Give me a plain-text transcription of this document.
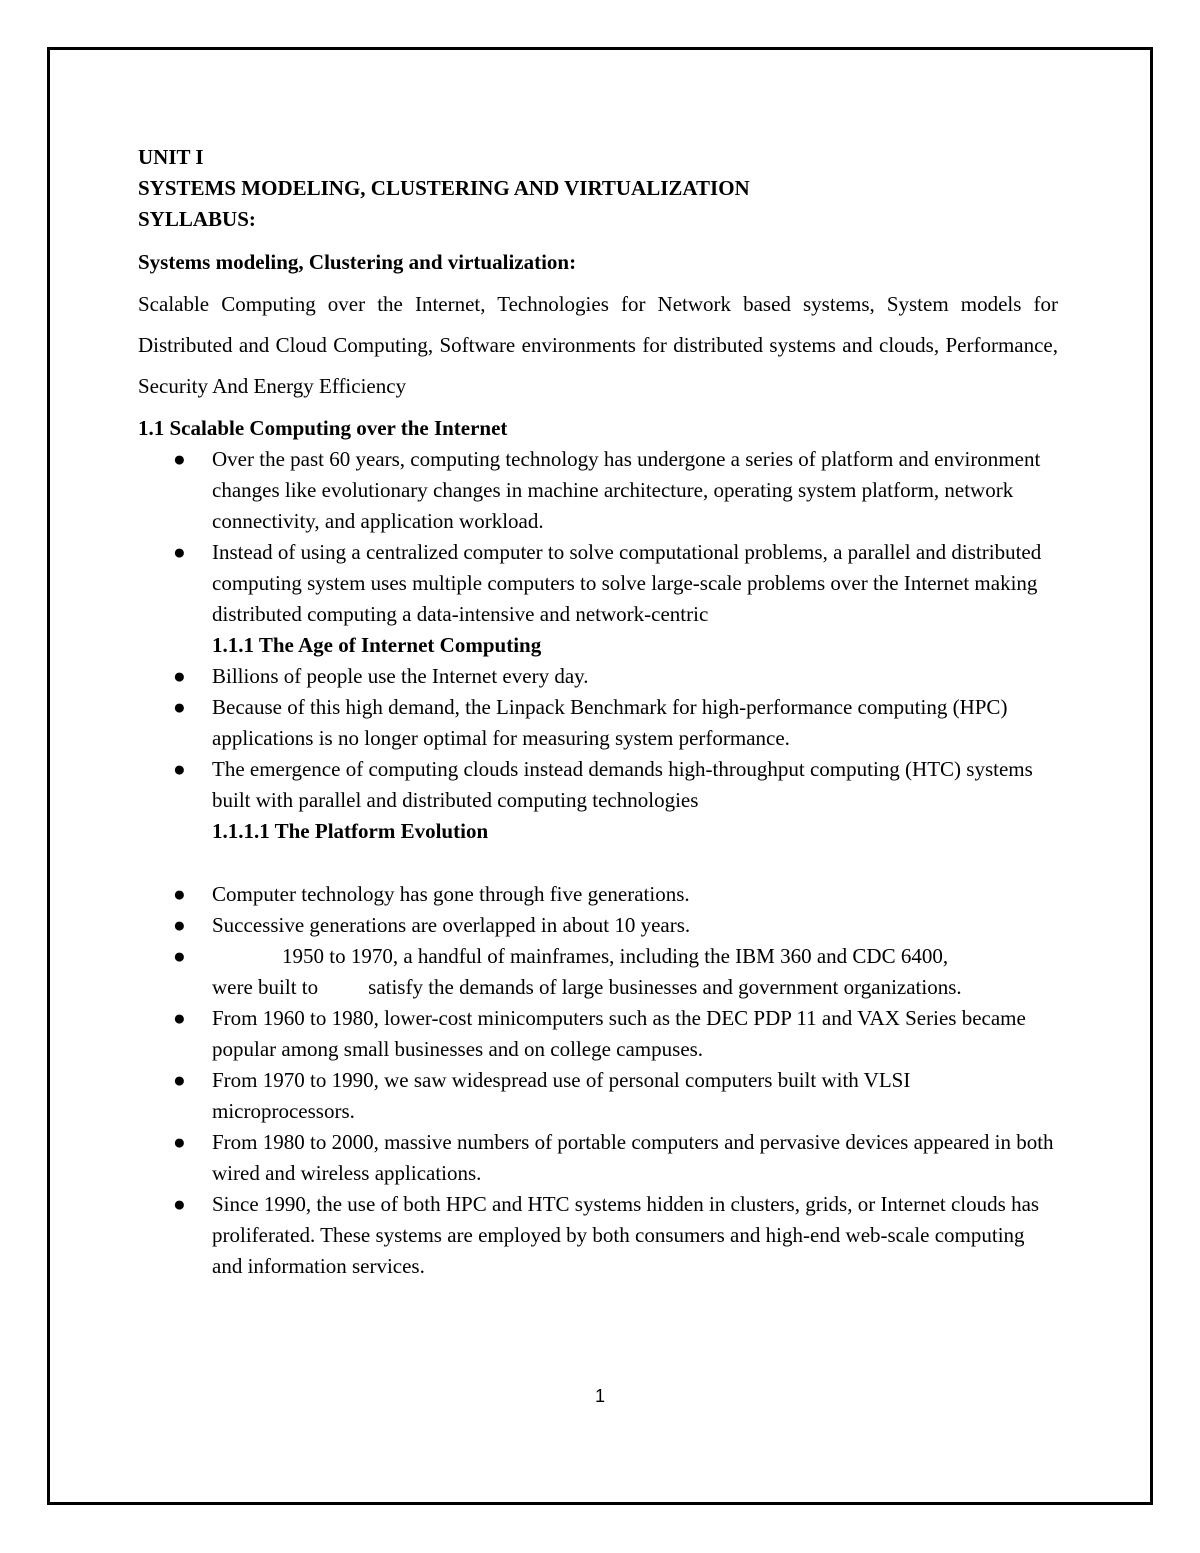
UNIT I
SYSTEMS MODELING, CLUSTERING AND VIRTUALIZATION
SYLLABUS:
Systems modeling, Clustering and virtualization:
Scalable Computing over the Internet, Technologies for Network based systems, System models for Distributed and Cloud Computing, Software environments for distributed systems and clouds, Performance, Security And Energy Efficiency
1.1 Scalable Computing over the Internet
● Over the past 60 years, computing technology has undergone a series of platform and environment changes like evolutionary changes in machine architecture, operating system platform, network connectivity, and application workload.
● Instead of using a centralized computer to solve computational problems, a parallel and distributed computing system uses multiple computers to solve large-scale problems over the Internet making distributed computing a data-intensive and network-centric
1.1.1 The Age of Internet Computing
● Billions of people use the Internet every day.
● Because of this high demand, the Linpack Benchmark for high-performance computing (HPC) applications is no longer optimal for measuring system performance.
● The emergence of computing clouds instead demands high-throughput computing (HTC) systems built with parallel and distributed computing technologies
1.1.1.1 The Platform Evolution
● Computer technology has gone through five generations.
● Successive generations are overlapped in about 10 years.
●	1950 to 1970, a handful of mainframes, including the IBM 360 and CDC 6400,
were built to satisfy the demands of large businesses and government organizations.
● From 1960 to 1980, lower-cost minicomputers such as the DEC PDP 11 and VAX Series became popular among small businesses and on college campuses.
● From 1970 to 1990, we saw widespread use of personal computers built with VLSI microprocessors.
● From 1980 to 2000, massive numbers of portable computers and pervasive devices appeared in both wired and wireless applications.
● Since 1990, the use of both HPC and HTC systems hidden in clusters, grids, or Internet clouds has proliferated. These systems are employed by both consumers and high-end web-scale computing and information services.
1
